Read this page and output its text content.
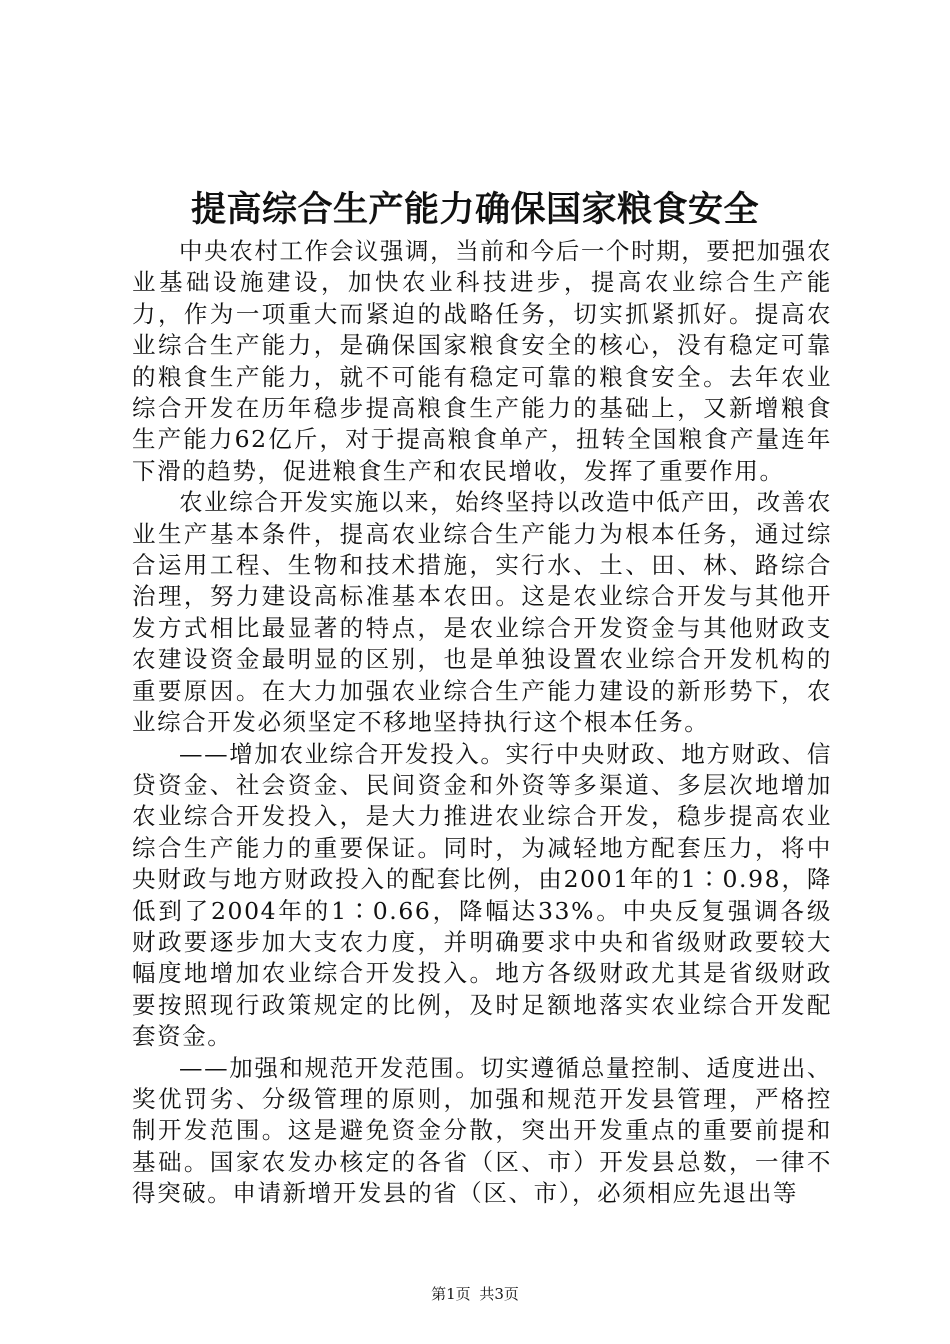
提高综合生产能力确保国家粮食安全

中央农村工作会议强调，当前和今后一个时期，要把加强农业基础设施建设，加快农业科技进步，提高农业综合生产能力，作为一项重大而紧迫的战略任务，切实抓紧抓好。提高农业综合生产能力，是确保国家粮食安全的核心，没有稳定可靠的粮食生产能力，就不可能有稳定可靠的粮食安全。去年农业综合开发在历年稳步提高粮食生产能力的基础上，又新增粮食生产能力62亿斤，对于提高粮食单产，扭转全国粮食产量连年下滑的趋势，促进粮食生产和农民增收，发挥了重要作用。

农业综合开发实施以来，始终坚持以改造中低产田，改善农业生产基本条件，提高农业综合生产能力为根本任务，通过综合运用工程、生物和技术措施，实行水、土、田、林、路综合治理，努力建设高标准基本农田。这是农业综合开发与其他开发方式相比最显著的特点，是农业综合开发资金与其他财政支农建设资金最明显的区别，也是单独设置农业综合开发机构的重要原因。在大力加强农业综合生产能力建设的新形势下，农业综合开发必须坚定不移地坚持执行这个根本任务。

——增加农业综合开发投入。实行中央财政、地方财政、信贷资金、社会资金、民间资金和外资等多渠道、多层次地增加农业综合开发投入，是大力推进农业综合开发，稳步提高农业综合生产能力的重要保证。同时，为减轻地方配套压力，将中央财政与地方财政投入的配套比例，由2001年的1∶0.98，降低到了2004年的1∶0.66，降幅达33%。中央反复强调各级财政要逐步加大支农力度，并明确要求中央和省级财政要较大幅度地增加农业综合开发投入。地方各级财政尤其是省级财政要按照现行政策规定的比例，及时足额地落实农业综合开发配套资金。

——加强和规范开发范围。切实遵循总量控制、适度进出、奖优罚劣、分级管理的原则，加强和规范开发县管理，严格控制开发范围。这是避免资金分散，突出开发重点的重要前提和基础。国家农发办核定的各省（区、市）开发县总数，一律不得突破。申请新增开发县的省（区、市），必须相应先退出等

第1页 共3页
